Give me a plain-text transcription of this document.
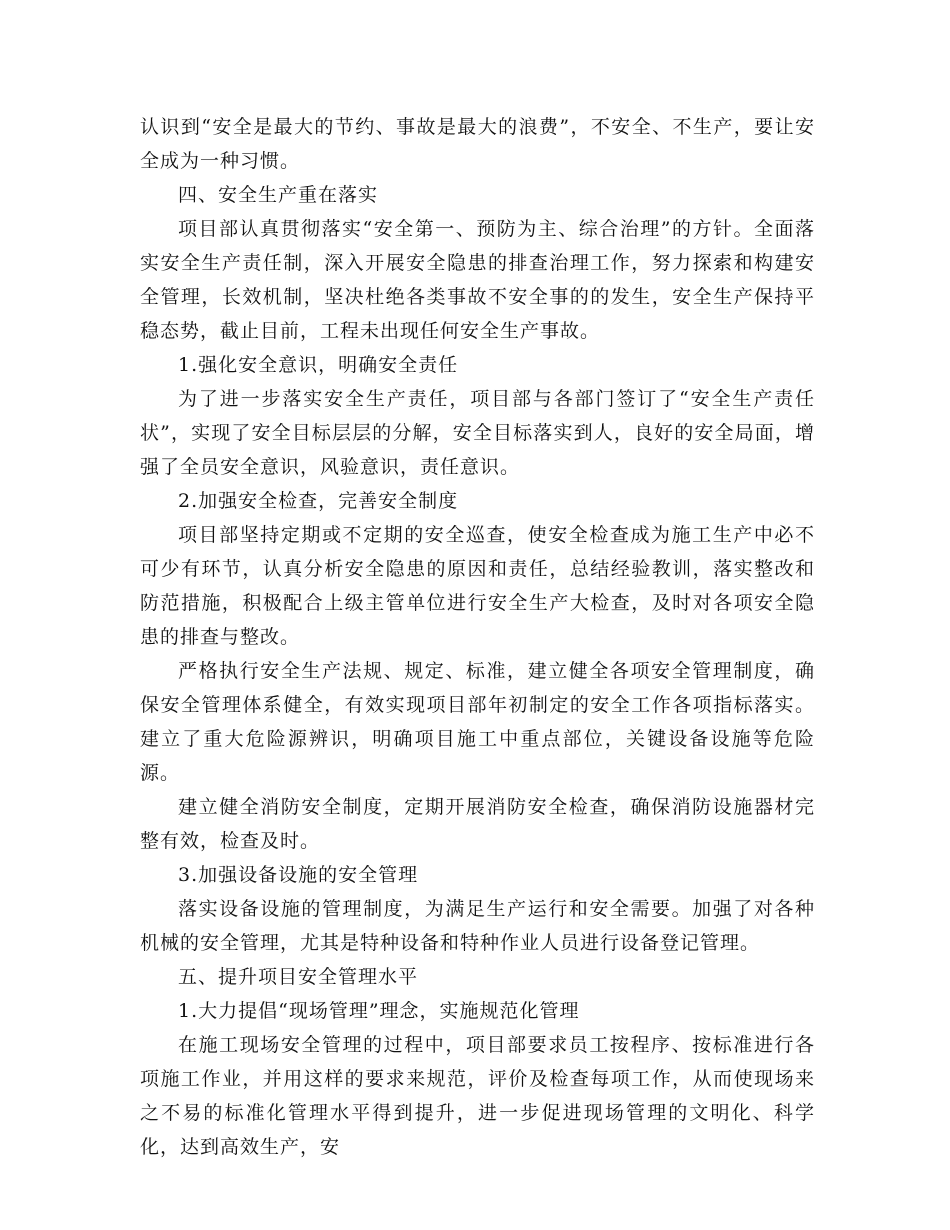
认识到“安全是最大的节约、事故是最大的浪费”，不安全、不生产，要让安全成为一种习惯。

四、安全生产重在落实

项目部认真贯彻落实“安全第一、预防为主、综合治理”的方针。全面落实安全生产责任制，深入开展安全隐患的排查治理工作，努力探索和构建安全管理，长效机制，坚决杜绝各类事故不安全事的的发生，安全生产保持平稳态势，截止目前，工程未出现任何安全生产事故。

1.强化安全意识，明确安全责任

为了进一步落实安全生产责任，项目部与各部门签订了“安全生产责任状”，实现了安全目标层层的分解，安全目标落实到人，良好的安全局面，增强了全员安全意识，风验意识，责任意识。

2.加强安全检查，完善安全制度

项目部坚持定期或不定期的安全巡查，使安全检查成为施工生产中必不可少有环节，认真分析安全隐患的原因和责任，总结经验教训，落实整改和防范措施，积极配合上级主管单位进行安全生产大检查，及时对各项安全隐患的排查与整改。

严格执行安全生产法规、规定、标准，建立健全各项安全管理制度，确保安全管理体系健全，有效实现项目部年初制定的安全工作各项指标落实。建立了重大危险源辨识，明确项目施工中重点部位，关键设备设施等危险源。

建立健全消防安全制度，定期开展消防安全检查，确保消防设施器材完整有效，检查及时。

3.加强设备设施的安全管理

落实设备设施的管理制度，为满足生产运行和安全需要。加强了对各种机械的安全管理，尤其是特种设备和特种作业人员进行设备登记管理。

五、提升项目安全管理水平

1.大力提倡“现场管理”理念，实施规范化管理

在施工现场安全管理的过程中，项目部要求员工按程序、按标准进行各项施工作业，并用这样的要求来规范，评价及检查每项工作，从而使现场来之不易的标准化管理水平得到提升，进一步促进现场管理的文明化、科学化，达到高效生产，安
